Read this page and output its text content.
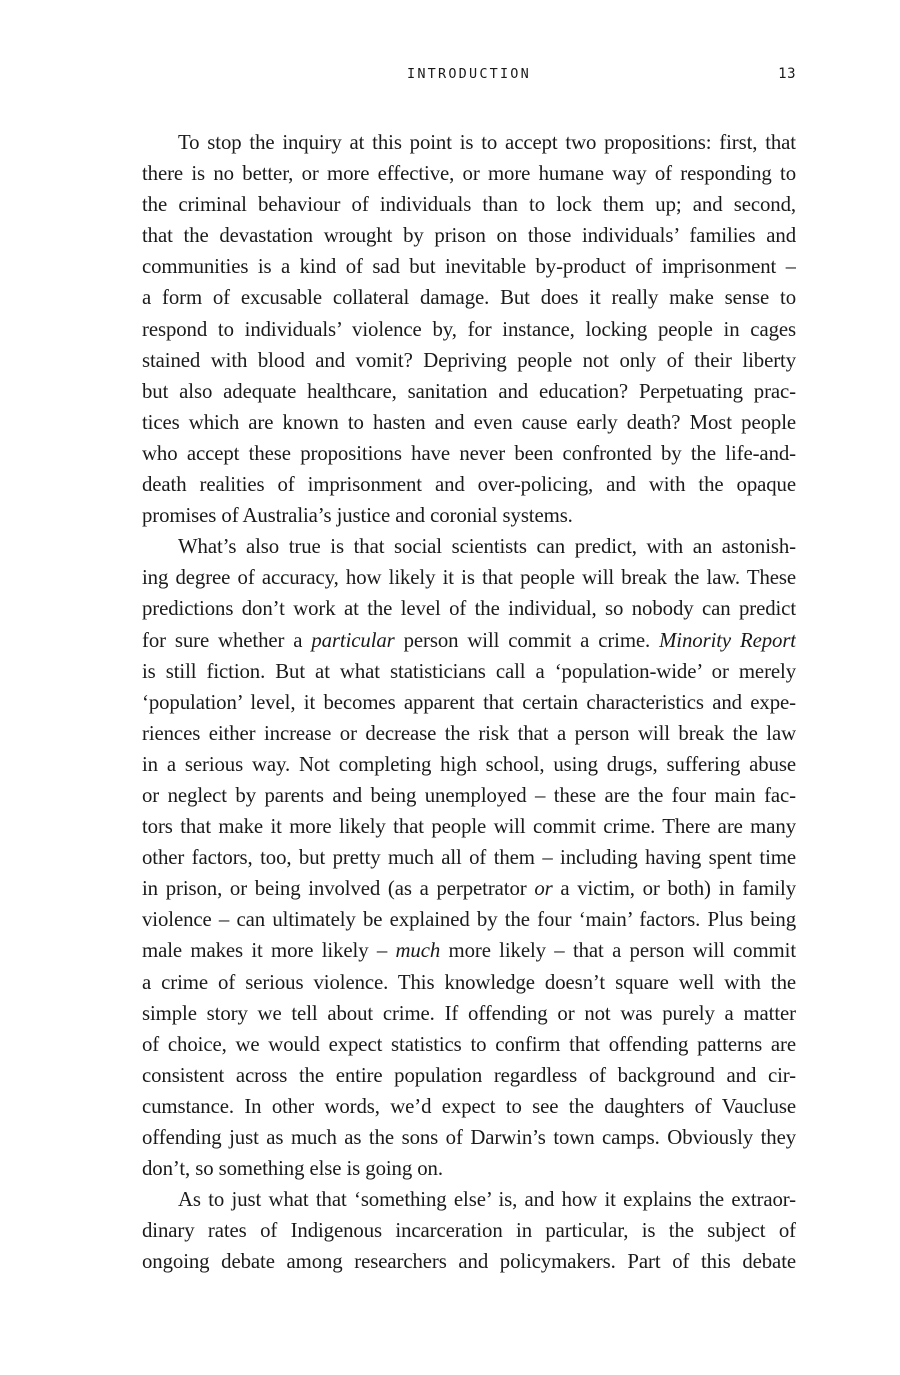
INTRODUCTION	13
To stop the inquiry at this point is to accept two propositions: first, that
there is no better, or more effective, or more humane way of responding to
the criminal behaviour of individuals than to lock them up; and second,
that the devastation wrought by prison on those individuals’ families and
communities is a kind of sad but inevitable by-product of imprisonment –
a form of excusable collateral damage. But does it really make sense to
respond to individuals’ violence by, for instance, locking people in cages
stained with blood and vomit? Depriving people not only of their liberty
but also adequate healthcare, sanitation and education? Perpetuating prac-
tices which are known to hasten and even cause early death? Most people
who accept these propositions have never been confronted by the life-and-
death realities of imprisonment and over-policing, and with the opaque
promises of Australia’s justice and coronial systems.
What’s also true is that social scientists can predict, with an astonish-
ing degree of accuracy, how likely it is that people will break the law. These
predictions don’t work at the level of the individual, so nobody can predict
for sure whether a particular person will commit a crime. Minority Report
is still fiction. But at what statisticians call a ‘population-wide’ or merely
‘population’ level, it becomes apparent that certain characteristics and expe-
riences either increase or decrease the risk that a person will break the law
in a serious way. Not completing high school, using drugs, suffering abuse
or neglect by parents and being unemployed – these are the four main fac-
tors that make it more likely that people will commit crime. There are many
other factors, too, but pretty much all of them – including having spent time
in prison, or being involved (as a perpetrator or a victim, or both) in family
violence – can ultimately be explained by the four ‘main’ factors. Plus being
male makes it more likely – much more likely – that a person will commit
a crime of serious violence. This knowledge doesn’t square well with the
simple story we tell about crime. If offending or not was purely a matter
of choice, we would expect statistics to confirm that offending patterns are
consistent across the entire population regardless of background and cir-
cumstance. In other words, we’d expect to see the daughters of Vaucluse
offending just as much as the sons of Darwin’s town camps. Obviously they
don’t, so something else is going on.
As to just what that ‘something else’ is, and how it explains the extraor-
dinary rates of Indigenous incarceration in particular, is the subject of
ongoing debate among researchers and policymakers. Part of this debate
